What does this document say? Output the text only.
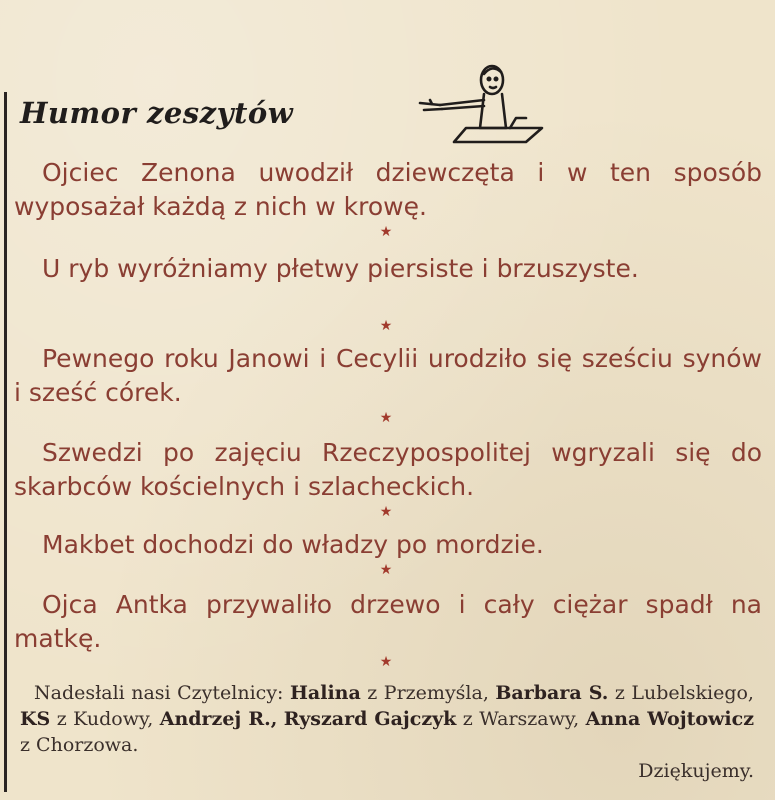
Humor zeszytów
Ojciec Zenona uwodził dziewczęta i w ten sposób wyposażał każdą z nich w krowę.
★
U ryb wyróżniamy płetwy piersiste i brzuszyste.
★
Pewnego roku Janowi i Cecylii urodziło się sześciu synów i sześć córek.
★
Szwedzi po zajęciu Rzeczypospolitej wgryzali się do skarbców kościelnych i szlacheckich.
★
Makbet dochodzi do władzy po mordzie.
★
Ojca Antka przywaliło drzewo i cały ciężar spadł na matkę.
★
Nadesłali nasi Czytelnicy: Halina z Przemyśla, Barbara S. z Lubelskiego, KS z Kudowy, Andrzej R., Ryszard Gajczyk z Warszawy, Anna Wojtowicz z Chorzowa.
Dziękujemy.
